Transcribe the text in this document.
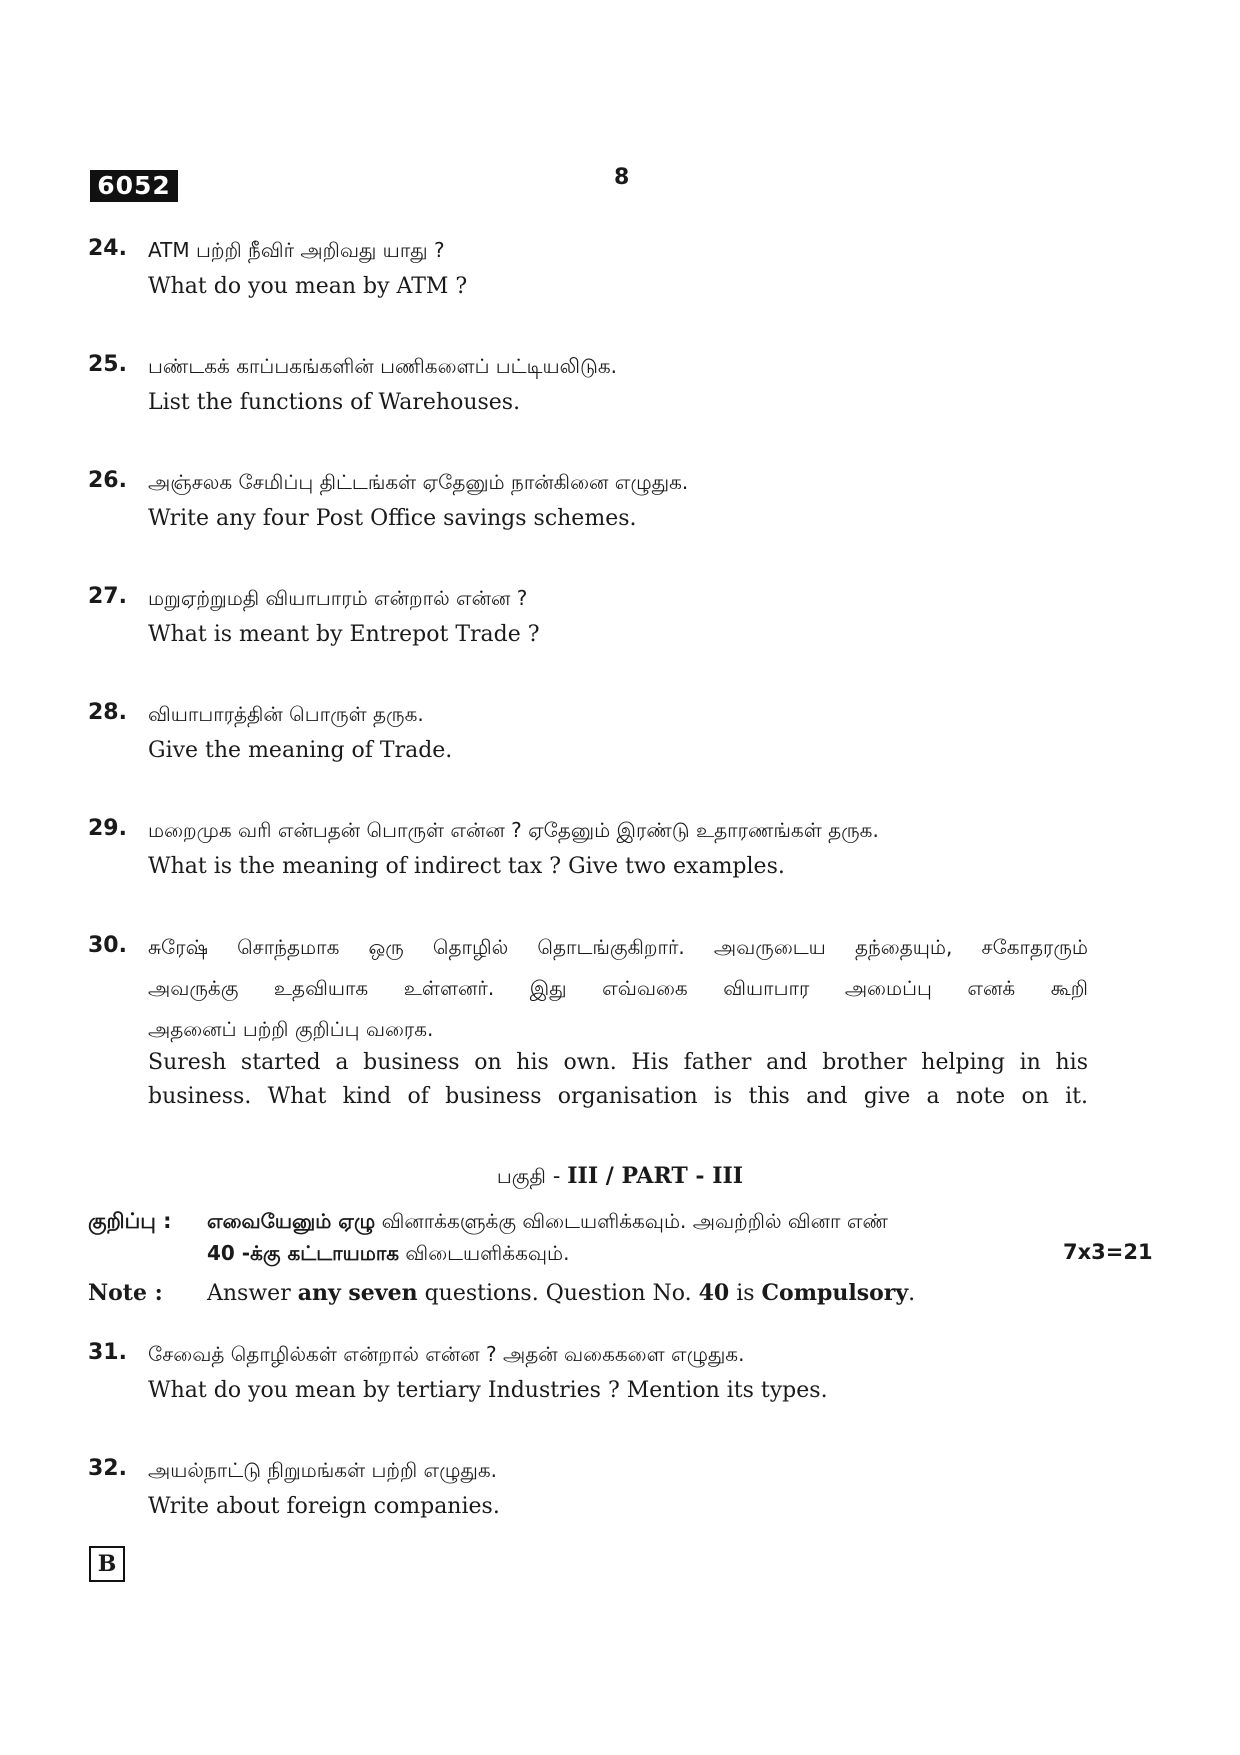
6052	8
24. ATM பற்றி நீவிர் அறிவது யாது ?
What do you mean by ATM ?
25. பண்டகக் காப்பகங்களின் பணிகளைப் பட்டியலிடுக.
List the functions of Warehouses.
26. அஞ்சலக சேமிப்பு திட்டங்கள் ஏதேனும் நான்கினை எழுதுக.
Write any four Post Office savings schemes.
27. மறுஏற்றுமதி வியாபாரம் என்றால் என்ன ?
What is meant by Entrepot Trade ?
28. வியாபாரத்தின் பொருள் தருக.
Give the meaning of Trade.
29. மறைமுக வரி என்பதன் பொருள் என்ன ? ஏதேனும் இரண்டு உதாரணங்கள் தருக.
What is the meaning of indirect tax ? Give two examples.
30. சுரேஷ் சொந்தமாக ஒரு தொழில் தொடங்குகிறார். அவருடைய தந்தையும், சகோதரரும்
அவருக்கு உதவியாக உள்ளனர். இது எவ்வகை வியாபார அமைப்பு எனக் கூறி
அதனைப் பற்றி குறிப்பு வரைக.
Suresh started a business on his own. His father and brother helping in his
business. What kind of business organisation is this and give a note on it.
பகுதி - III / PART - III
குறிப்பு : எவையேனும் ஏழு வினாக்களுக்கு விடையளிக்கவும். அவற்றில் வினா எண்
40 -க்கு கட்டாயமாக விடையளிக்கவும்.	7x3=21
Note : Answer any seven questions. Question No. 40 is Compulsory.
31. சேவைத் தொழில்கள் என்றால் என்ன ? அதன் வகைகளை எழுதுக.
What do you mean by tertiary Industries ? Mention its types.
32. அயல்நாட்டு நிறுமங்கள் பற்றி எழுதுக.
Write about foreign companies.
B
